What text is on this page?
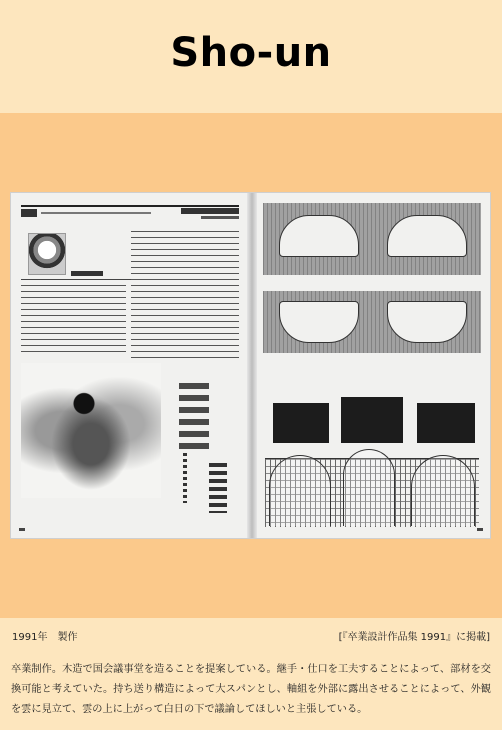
Sho-un
1991年　製作	[『卒業設計作品集 1991』に掲載]

卒業制作。木造で国会議事堂を造ることを提案している。継手・仕口を工夫することによって、部材を交換可能と考えていた。持ち送り構造によって大スパンとし、軸組を外部に露出させることによって、外観を雲に見立て、雲の上に上がって白日の下で議論してほしいと主張している。
